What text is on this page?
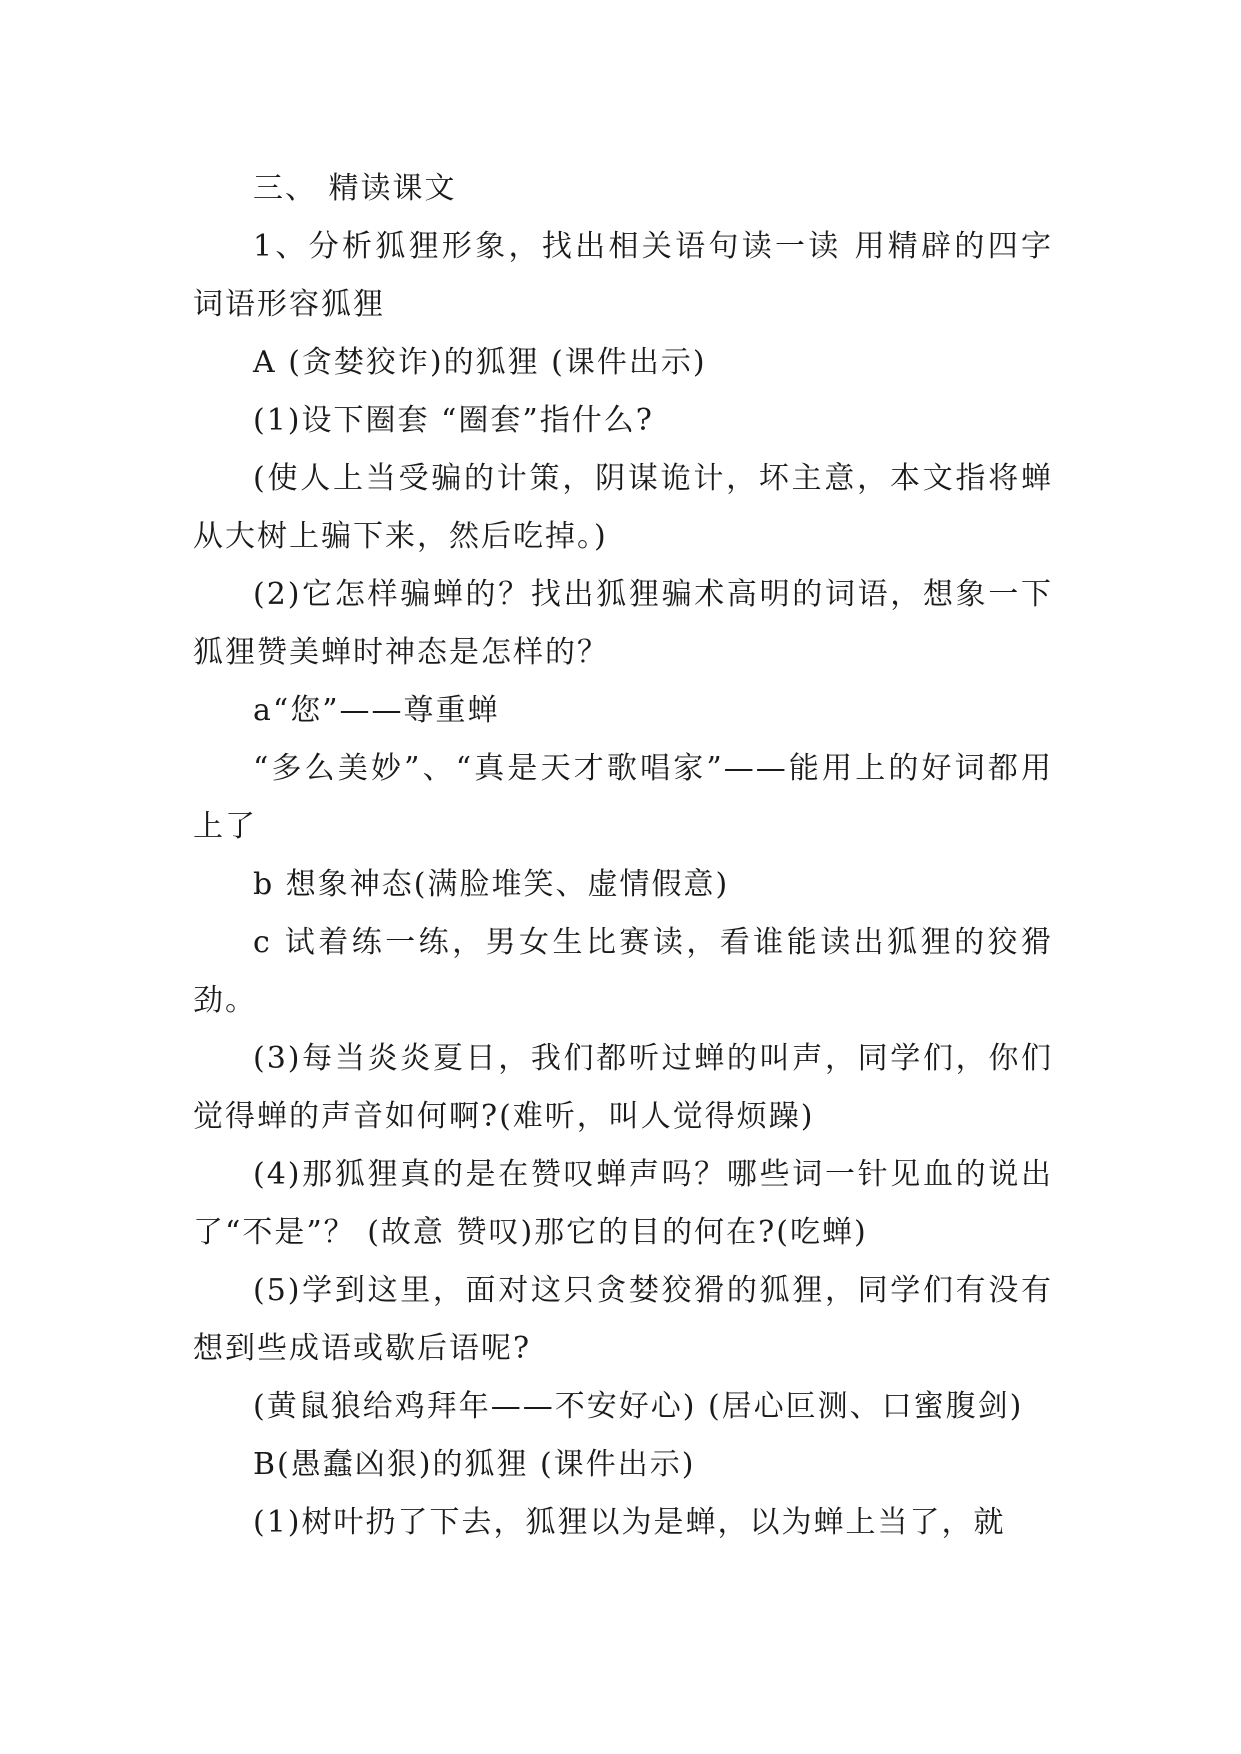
三、 精读课文

1、分析狐狸形象，找出相关语句读一读 用精辟的四字词语形容狐狸

A (贪婪狡诈)的狐狸 (课件出示)

(1)设下圈套 “圈套”指什么?

(使人上当受骗的计策，阴谋诡计，坏主意，本文指将蝉从大树上骗下来，然后吃掉。)

(2)它怎样骗蝉的？找出狐狸骗术高明的词语，想象一下狐狸赞美蝉时神态是怎样的？

a“您”——尊重蝉

“多么美妙”、“真是天才歌唱家”——能用上的好词都用上了

b 想象神态(满脸堆笑、虚情假意)

c 试着练一练，男女生比赛读，看谁能读出狐狸的狡猾劲。

(3)每当炎炎夏日，我们都听过蝉的叫声，同学们，你们觉得蝉的声音如何啊?(难听，叫人觉得烦躁)

(4)那狐狸真的是在赞叹蝉声吗？哪些词一针见血的说出了“不是”？ (故意 赞叹)那它的目的何在?(吃蝉)

(5)学到这里，面对这只贪婪狡猾的狐狸，同学们有没有想到些成语或歇后语呢?

(黄鼠狼给鸡拜年——不安好心) (居心叵测、口蜜腹剑)

B(愚蠢凶狠)的狐狸 (课件出示)

(1)树叶扔了下去，狐狸以为是蝉，以为蝉上当了，就
